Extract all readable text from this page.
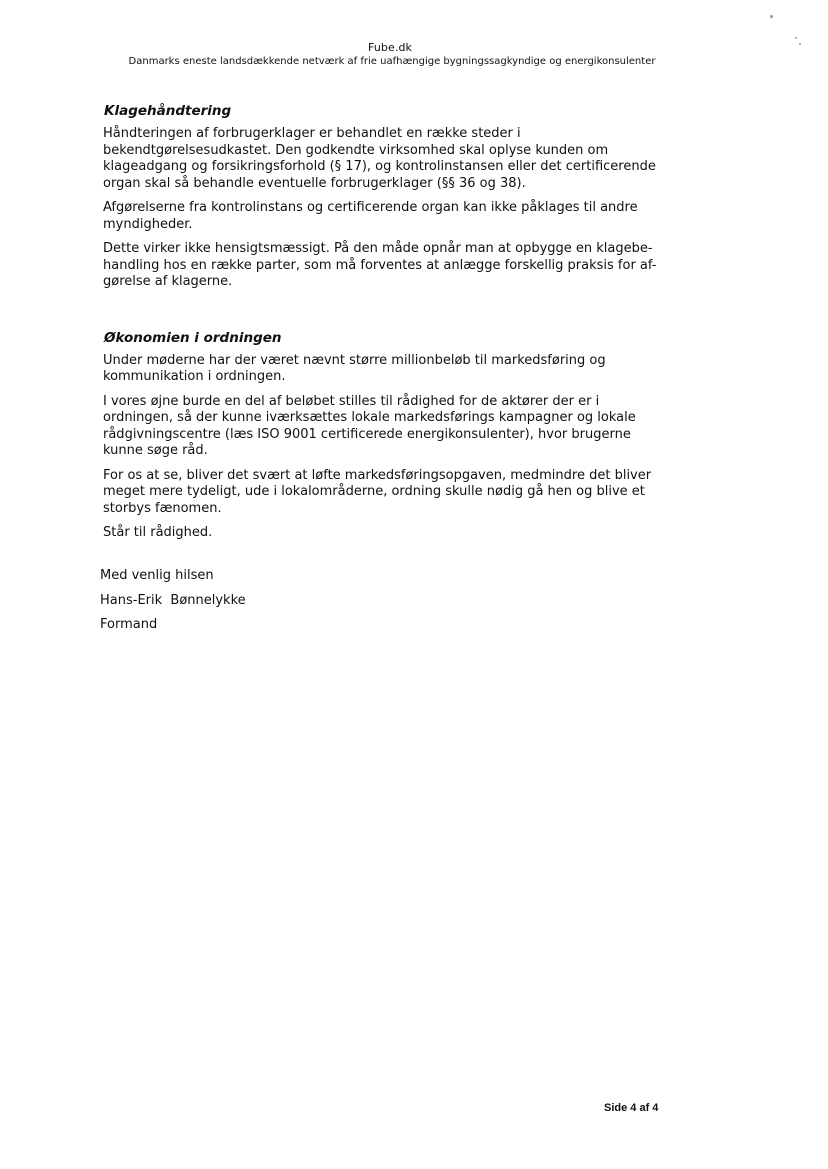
Fube.dk
Danmarks eneste landsdækkende netværk af frie uafhængige bygningssagkyndige og energikonsulenter
Klagehåndtering
Håndteringen af forbrugerklager er behandlet en række steder i
bekendtgørelsesudkastet. Den godkendte virksomhed skal oplyse kunden om
klageadgang og forsikringsforhold (§ 17), og kontrolinstansen eller det certificerende
organ skal så behandle eventuelle forbrugerklager (§§ 36 og 38).
Afgørelserne fra kontrolinstans og certificerende organ kan ikke påklages til andre
myndigheder.
Dette virker ikke hensigtsmæssigt. På den måde opnår man at opbygge en klagebe-
handling hos en række parter, som må forventes at anlægge forskellig praksis for af-
gørelse af klagerne.
Økonomien i ordningen
Under møderne har der været nævnt større millionbeløb til markedsføring og
kommunikation i ordningen.
I vores øjne burde en del af beløbet stilles til rådighed for de aktører der er i
ordningen, så der kunne iværksættes lokale markedsførings kampagner og lokale
rådgivningscentre (læs ISO 9001 certificerede energikonsulenter), hvor brugerne
kunne søge råd.
For os at se, bliver det svært at løfte markedsføringsopgaven, medmindre det bliver
meget mere tydeligt, ude i lokalområderne, ordning skulle nødig gå hen og blive et
storbys fænomen.
Står til rådighed.
Med venlig hilsen
Hans-Erik  Bønnelykke
Formand
Side 4 af 4
